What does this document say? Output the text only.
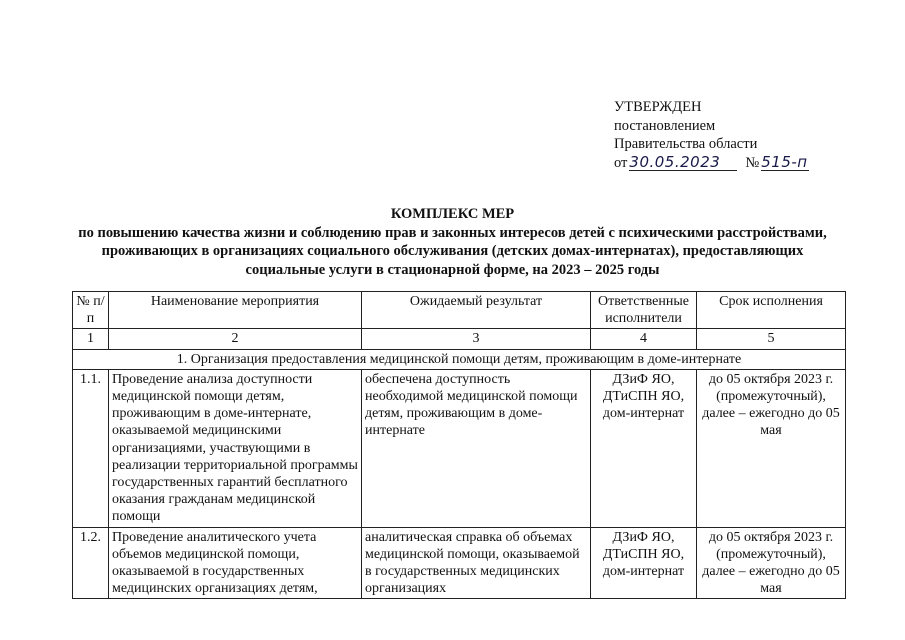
УТВЕРЖДЕН
постановлением
Правительства области
от 30.05.2023 № 515-п
КОМПЛЕКС МЕР
по повышению качества жизни и соблюдению прав и законных интересов детей с психическими расстройствами,
проживающих в организациях социального обслуживания (детских домах-интернатах), предоставляющих
социальные услуги в стационарной форме, на 2023 – 2025 годы
№ п/п	Наименование мероприятия	Ожидаемый результат	Ответственные исполнители	Срок исполнения
1	2	3	4	5
1. Организация предоставления медицинской помощи детям, проживающим в доме-интернате				
1.1.	Проведение анализа доступности медицинской помощи детям, проживающим в доме-интернате, оказываемой медицинскими организациями, участвующими в реализации территориальной программы государственных гарантий бесплатного оказания гражданам медицинской помощи	обеспечена доступность необходимой медицинской помощи детям, проживающим в доме-интернате	ДЗиФ ЯО, ДТиСПН ЯО, дом-интернат	до 05 октября 2023 г. (промежуточный), далее – ежегодно до 05 мая
1.2.	Проведение аналитического учета объемов медицинской помощи, оказываемой в государственных медицинских организациях детям,	аналитическая справка об объемах медицинской помощи, оказываемой в государственных медицинских организациях	ДЗиФ ЯО, ДТиСПН ЯО, дом-интернат	до 05 октября 2023 г. (промежуточный), далее – ежегодно до 05 мая
